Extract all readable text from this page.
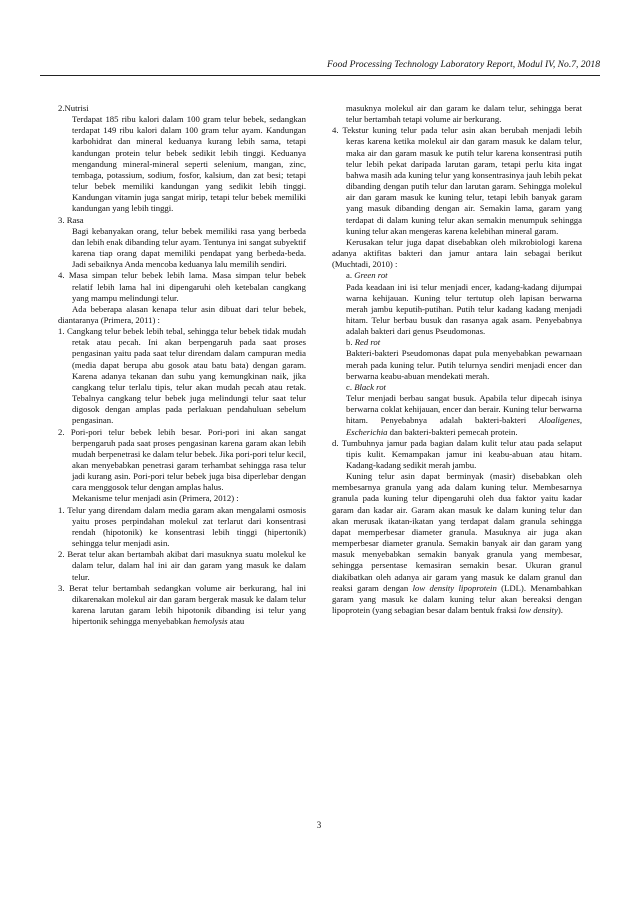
Food Processing Technology Laboratory Report, Modul IV, No.7, 2018

2.Nutrisi

Terdapat 185 ribu kalori dalam 100 gram telur bebek, sedangkan terdapat 149 ribu kalori dalam 100 gram telur ayam. Kandungan karbohidrat dan mineral keduanya kurang lebih sama, tetapi kandungan protein telur bebek sedikit lebih tinggi. Keduanya mengandung mineral-mineral seperti selenium, mangan, zinc, tembaga, potassium, sodium, fosfor, kalsium, dan zat besi; tetapi telur bebek memiliki kandungan yang sedikit lebih tinggi. Kandungan vitamin juga sangat mirip, tetapi telur bebek memiliki kandungan yang lebih tinggi.

3. Rasa

Bagi kebanyakan orang, telur bebek memiliki rasa yang berbeda dan lebih enak dibanding telur ayam. Tentunya ini sangat subyektif karena tiap orang dapat memiliki pendapat yang berbeda-beda. Jadi sebaiknya Anda mencoba keduanya lalu memilih sendiri.

4. Masa simpan telur bebek lebih lama. Masa simpan telur bebek relatif lebih lama hal ini dipengaruhi oleh ketebalan cangkang yang mampu melindungi telur.

Ada beberapa alasan kenapa telur asin dibuat dari telur bebek, diantaranya (Primera, 2011) :

1. Cangkang telur bebek lebih tebal, sehingga telur bebek tidak mudah retak atau pecah. Ini akan berpengaruh pada saat proses pengasinan yaitu pada saat telur direndam dalam campuran media (media dapat berupa abu gosok atau batu bata) dengan garam. Karena adanya tekanan dan suhu yang kemungkinan naik, jika cangkang telur terlalu tipis, telur akan mudah pecah atau retak. Tebalnya cangkang telur bebek juga melindungi telur saat telur digosok dengan amplas pada perlakuan pendahuluan sebelum pengasinan.

2. Pori-pori telur bebek lebih besar. Pori-pori ini akan sangat berpengaruh pada saat proses pengasinan karena garam akan lebih mudah berpenetrasi ke dalam telur bebek. Jika pori-pori telur kecil, akan menyebabkan penetrasi garam terhambat sehingga rasa telur jadi kurang asin. Pori-pori telur bebek juga bisa diperlebar dengan cara menggosok telur dengan amplas halus.

Mekanisme telur menjadi asin (Primera, 2012) :

1. Telur yang direndam dalam media garam akan mengalami osmosis yaitu proses perpindahan molekul zat terlarut dari konsentrasi rendah (hipotonik) ke konsentrasi lebih tinggi (hipertonik) sehingga telur menjadi asin.

2. Berat telur akan bertambah akibat dari masuknya suatu molekul ke dalam telur, dalam hal ini air dan garam yang masuk ke dalam telur.

3. Berat telur bertambah sedangkan volume air berkurang, hal ini dikarenakan molekul air dan garam bergerak masuk ke dalam telur karena larutan garam lebih hipotonik dibanding isi telur yang hipertonik sehingga menyebabkan hemolysis atau

masuknya molekul air dan garam ke dalam telur, sehingga berat telur bertambah tetapi volume air berkurang.

4. Tekstur kuning telur pada telur asin akan berubah menjadi lebih keras karena ketika molekul air dan garam masuk ke dalam telur, maka air dan garam masuk ke putih telur karena konsentrasi putih telur lebih pekat daripada larutan garam, tetapi perlu kita ingat bahwa masih ada kuning telur yang konsentrasinya jauh lebih pekat dibanding dengan putih telur dan larutan garam. Sehingga molekul air dan garam masuk ke kuning telur, tetapi lebih banyak garam yang masuk dibanding dengan air. Semakin lama, garam yang terdapat di dalam kuning telur akan semakin menumpuk sehingga kuning telur akan mengeras karena kelebihan mineral garam.

Kerusakan telur juga dapat disebabkan oleh mikrobiologi karena adanya aktifitas bakteri dan jamur antara lain sebagai berikut (Muchtadi, 2010) :

a. Green rot

Pada keadaan ini isi telur menjadi encer, kadang-kadang dijumpai warna kehijauan. Kuning telur tertutup oleh lapisan berwarna merah jambu keputih-putihan. Putih telur kadang kadang menjadi hitam. Telur berbau busuk dan rasanya agak asam. Penyebabnya adalah bakteri dari genus Pseudomonas.

b. Red rot

Bakteri-bakteri Pseudomonas dapat pula menyebabkan pewarnaan merah pada kuning telur. Putih telurnya sendiri menjadi encer dan berwarna keabu-abuan mendekati merah.

c. Black rot

Telur menjadi berbau sangat busuk. Apabila telur dipecah isinya berwarna coklat kehijauan, encer dan berair. Kuning telur berwarna hitam. Penyebabnya adalah bakteri-bakteri Aloaligenes, Escherichia dan bakteri-bakteri pemecah protein.

d. Tumbuhnya jamur pada bagian dalam kulit telur atau pada selaput tipis kulit. Kemampakan jamur ini keabu-abuan atau hitam. Kadang-kadang sedikit merah jambu.

Kuning telur asin dapat berminyak (masir) disebabkan oleh membesarnya granula yang ada dalam kuning telur. Membesarnya granula pada kuning telur dipengaruhi oleh dua faktor yaitu kadar garam dan kadar air. Garam akan masuk ke dalam kuning telur dan akan merusak ikatan-ikatan yang terdapat dalam granula sehingga dapat memperbesar diameter granula. Masuknya air juga akan memperbesar diameter granula. Semakin banyak air dan garam yang masuk menyebabkan semakin banyak granula yang membesar, sehingga persentase kemasiran semakin besar. Ukuran granul diakibatkan oleh adanya air garam yang masuk ke dalam granul dan reaksi garam dengan low density lipoprotein (LDL). Menambahkan garam yang masuk ke dalam kuning telur akan bereaksi dengan lipoprotein (yang sebagian besar dalam bentuk fraksi low density).

3
